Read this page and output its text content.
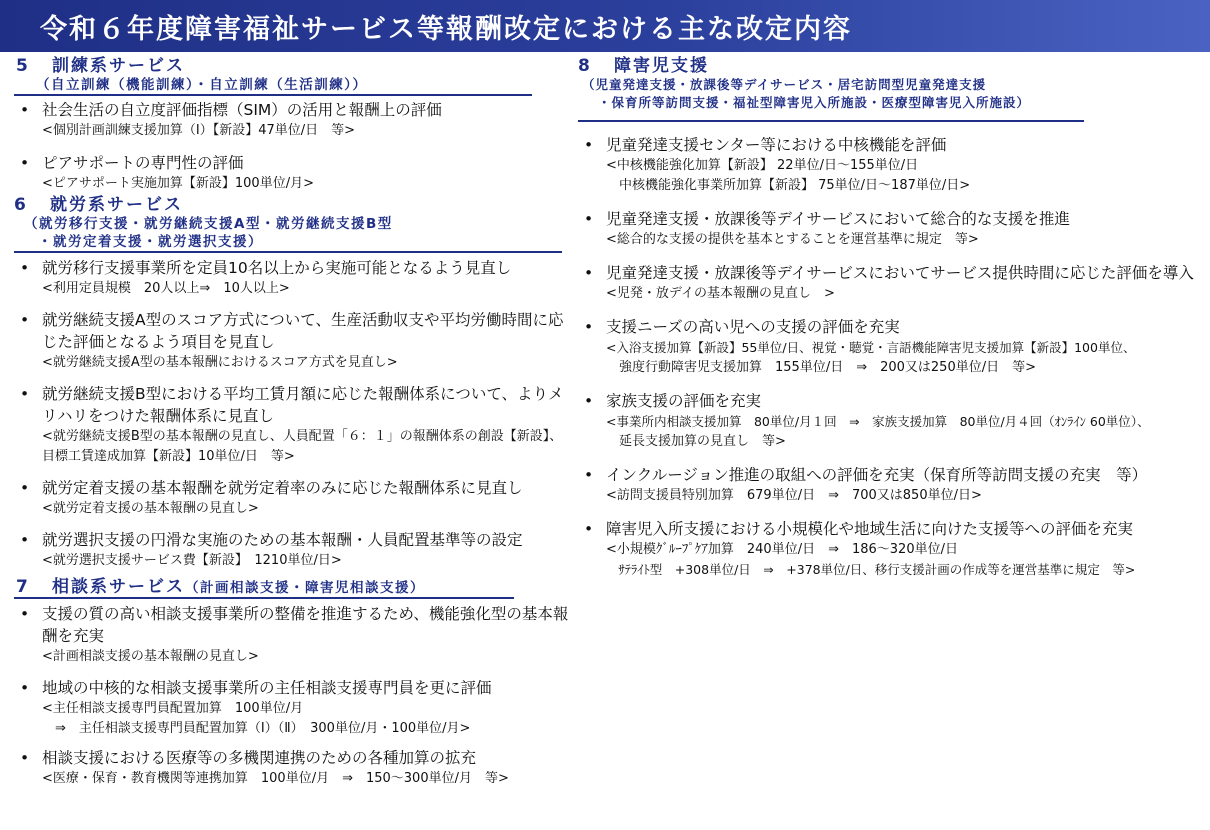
令和６年度障害福祉サービス等報酬改定における主な改定内容
5 訓練系サービス
（自立訓練（機能訓練）・自立訓練（生活訓練））
• 社会生活の自立度評価指標（SIM）の活用と報酬上の評価
<個別計画訓練支援加算（Ⅰ）【新設】47単位/日　等>
• ピアサポートの専門性の評価
<ピアサポート実施加算【新設】100単位/月>
6 就労系サービス
（就労移行支援・就労継続支援A型・就労継続支援B型
・就労定着支援・就労選択支援）
• 就労移行支援事業所を定員10名以上から実施可能となるよう見直し
<利用定員規模　20人以上⇒　10人以上>
• 就労継続支援A型のスコア方式について、生産活動収支や平均労働時間に応じた評価となるよう項目を見直し
<就労継続支援A型の基本報酬におけるスコア方式を見直し>
• 就労継続支援B型における平均工賃月額に応じた報酬体系について、よりメリハリをつけた報酬体系に見直し
<就労継続支援B型の基本報酬の見直し、人員配置「６：１」の報酬体系の創設【新設】、目標工賃達成加算【新設】10単位/日　等>
• 就労定着支援の基本報酬を就労定着率のみに応じた報酬体系に見直し
<就労定着支援の基本報酬の見直し>
• 就労選択支援の円滑な実施のための基本報酬・人員配置基準等の設定
<就労選択支援サービス費【新設】　1210単位/日>
7 相談系サービス（計画相談支援・障害児相談支援）
• 支援の質の高い相談支援事業所の整備を推進するため、機能強化型の基本報酬を充実
<計画相談支援の基本報酬の見直し>
• 地域の中核的な相談支援事業所の主任相談支援専門員を更に評価
<主任相談支援専門員配置加算　100単位/月
　⇒　主任相談支援専門員配置加算（Ⅰ）（Ⅱ）　300単位/月・100単位/月>
• 相談支援における医療等の多機関連携のための各種加算の拡充
<医療・保育・教育機関等連携加算　100単位/月　⇒　150～300単位/月　等>
8 障害児支援
（児童発達支援・放課後等デイサービス・居宅訪問型児童発達支援
・保育所等訪問支援・福祉型障害児入所施設・医療型障害児入所施設）
• 児童発達支援センター等における中核機能を評価
<中核機能強化加算【新設】 22単位/日～155単位/日
　中核機能強化事業所加算【新設】 75単位/日～187単位/日>
• 児童発達支援・放課後等デイサービスにおいて総合的な支援を推進
<総合的な支援の提供を基本とすることを運営基準に規定　等>
• 児童発達支援・放課後等デイサービスにおいてサービス提供時間に応じた評価を導入
<児発・放デイの基本報酬の見直し　>
• 支援ニーズの高い児への支援の評価を充実
<入浴支援加算【新設】55単位/日、視覚・聴覚・言語機能障害児支援加算【新設】100単位、
　強度行動障害児支援加算　155単位/日　⇒　200又は250単位/日　等>
• 家族支援の評価を充実
<事業所内相談支援加算　80単位/月１回　⇒　家族支援加算　80単位/月４回（ｵﾝﾗｲﾝ 60単位）、
　延長支援加算の見直し　等>
• インクルージョン推進の取組への評価を充実（保育所等訪問支援の充実　等）
<訪問支援員特別加算　679単位/日　⇒　700又は850単位/日>
• 障害児入所支援における小規模化や地域生活に向けた支援等への評価を充実
<小規模ｸﾞﾙｰﾌﾟｹｱ加算　240単位/日　⇒　186～320単位/日
　ｻﾃﾗｲﾄ型　+308単位/日　⇒　+378単位/日、移行支援計画の作成等を運営基準に規定　等>
